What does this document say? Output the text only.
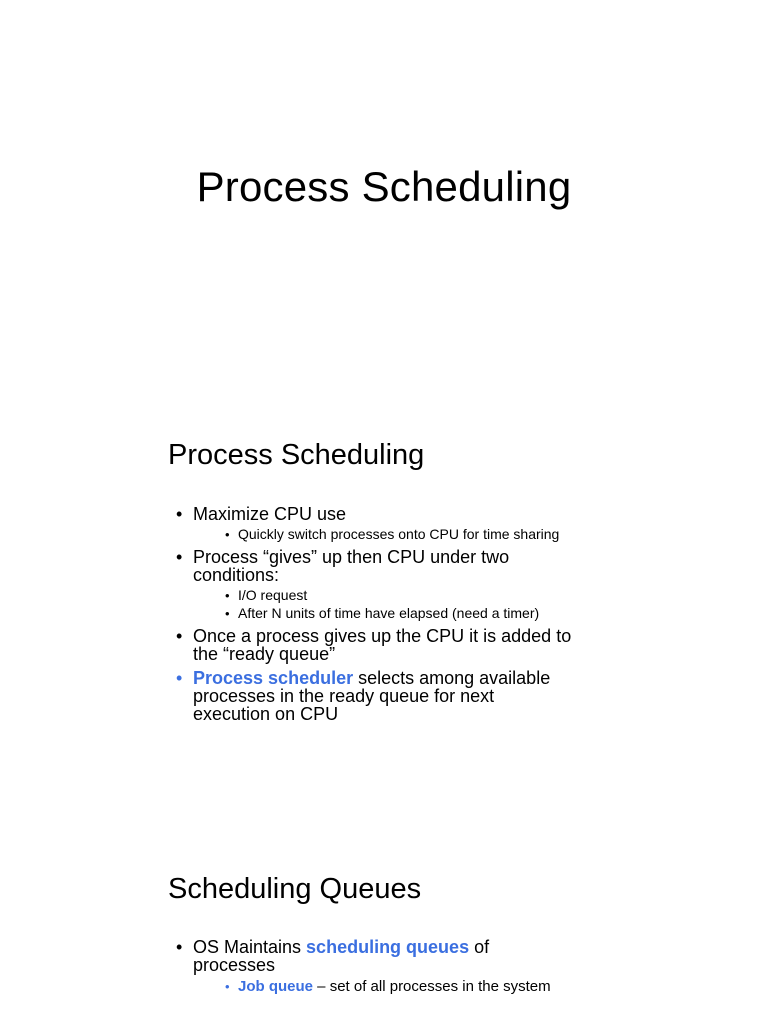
Process Scheduling
Process Scheduling
• Maximize CPU use
• Quickly switch processes onto CPU for time sharing
• Process “gives” up then CPU under two conditions:
• I/O request
• After N units of time have elapsed (need a timer)
• Once a process gives up the CPU it is added to the “ready queue”
• Process scheduler selects among available processes in the ready queue for next execution on CPU
Scheduling Queues
• OS Maintains scheduling queues of processes
• Job queue – set of all processes in the system
